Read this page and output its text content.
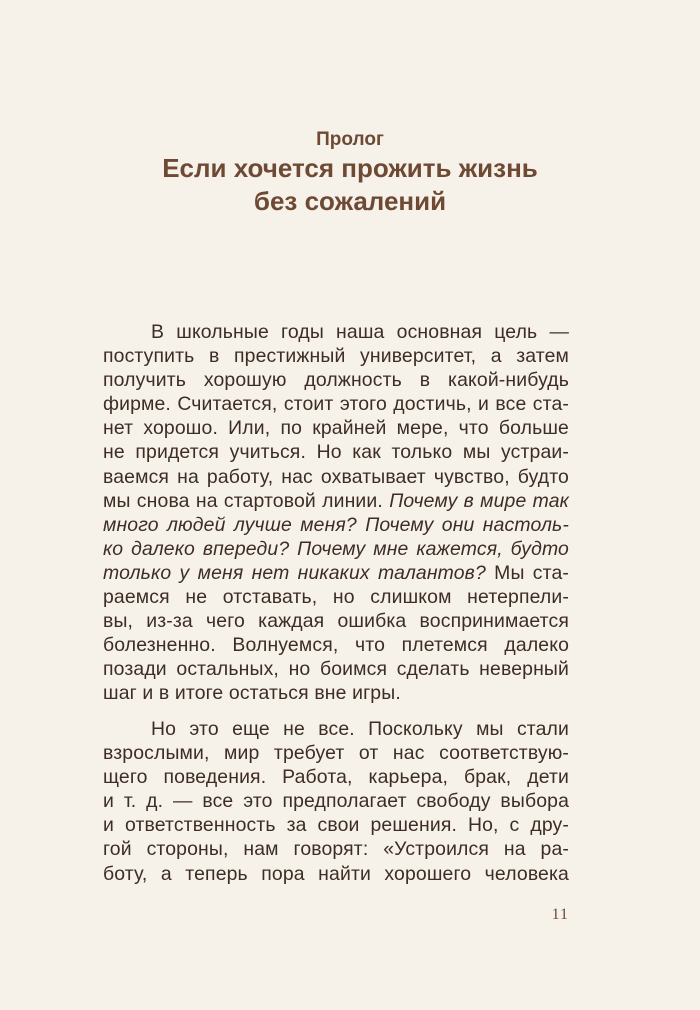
Пролог
Если хочется прожить жизнь
без сожалений
В школьные годы наша основная цель —
поступить в престижный университет, а затем
получить хорошую должность в какой-нибудь
фирме. Считается, стоит этого достичь, и все ста-
нет хорошо. Или, по крайней мере, что больше
не придется учиться. Но как только мы устраи-
ваемся на работу, нас охватывает чувство, будто
мы снова на стартовой линии. Почему в мире так
много людей лучше меня? Почему они настоль-
ко далеко впереди? Почему мне кажется, будто
только у меня нет никаких талантов? Мы ста-
раемся не отставать, но слишком нетерпели-
вы, из-за чего каждая ошибка воспринимается
болезненно. Волнуемся, что плетемся далеко
позади остальных, но боимся сделать неверный
шаг и в итоге остаться вне игры.
Но это еще не все. Поскольку мы стали
взрослыми, мир требует от нас соответствую-
щего поведения. Работа, карьера, брак, дети
и т. д. — все это предполагает свободу выбора
и ответственность за свои решения. Но, с дру-
гой стороны, нам говорят: «Устроился на ра-
боту, а теперь пора найти хорошего человека
11
